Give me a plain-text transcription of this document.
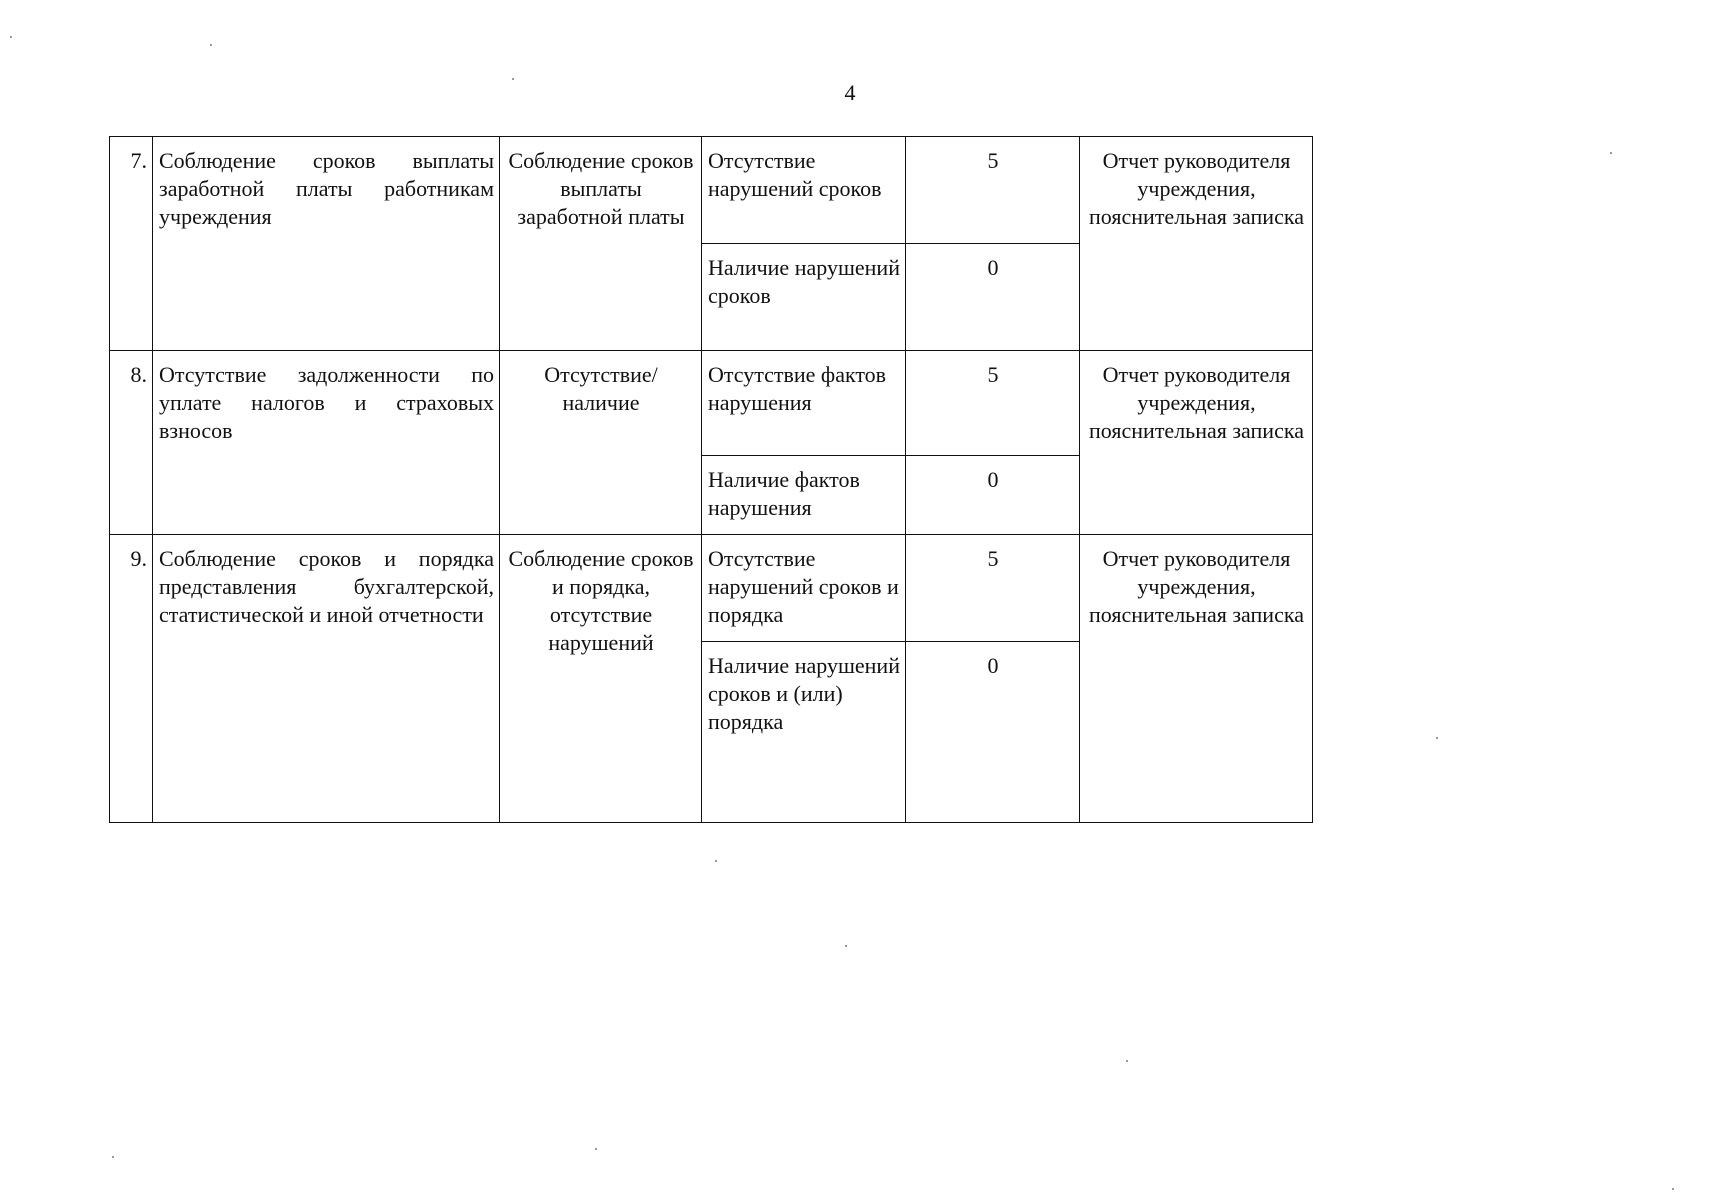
4
7.	Соблюдение сроков выплаты заработной платы работникам учреждения	Соблюдение сроков выплаты заработной платы	Отсутствие нарушений сроков	5	Отчет руководителя учреждения, пояснительная записка
			Наличие нарушений сроков	0	
8.	Отсутствие задолженности по уплате налогов и страховых взносов	Отсутствие/ наличие	Отсутствие фактов нарушения	5	Отчет руководителя учреждения, пояснительная записка
			Наличие фактов нарушения	0	
9.	Соблюдение сроков и порядка представления бухгалтерской, статистической и иной отчетности	Соблюдение сроков и порядка, отсутствие нарушений	Отсутствие нарушений сроков и порядка	5	Отчет руководителя учреждения, пояснительная записка
			Наличие нарушений сроков и (или) порядка	0	
